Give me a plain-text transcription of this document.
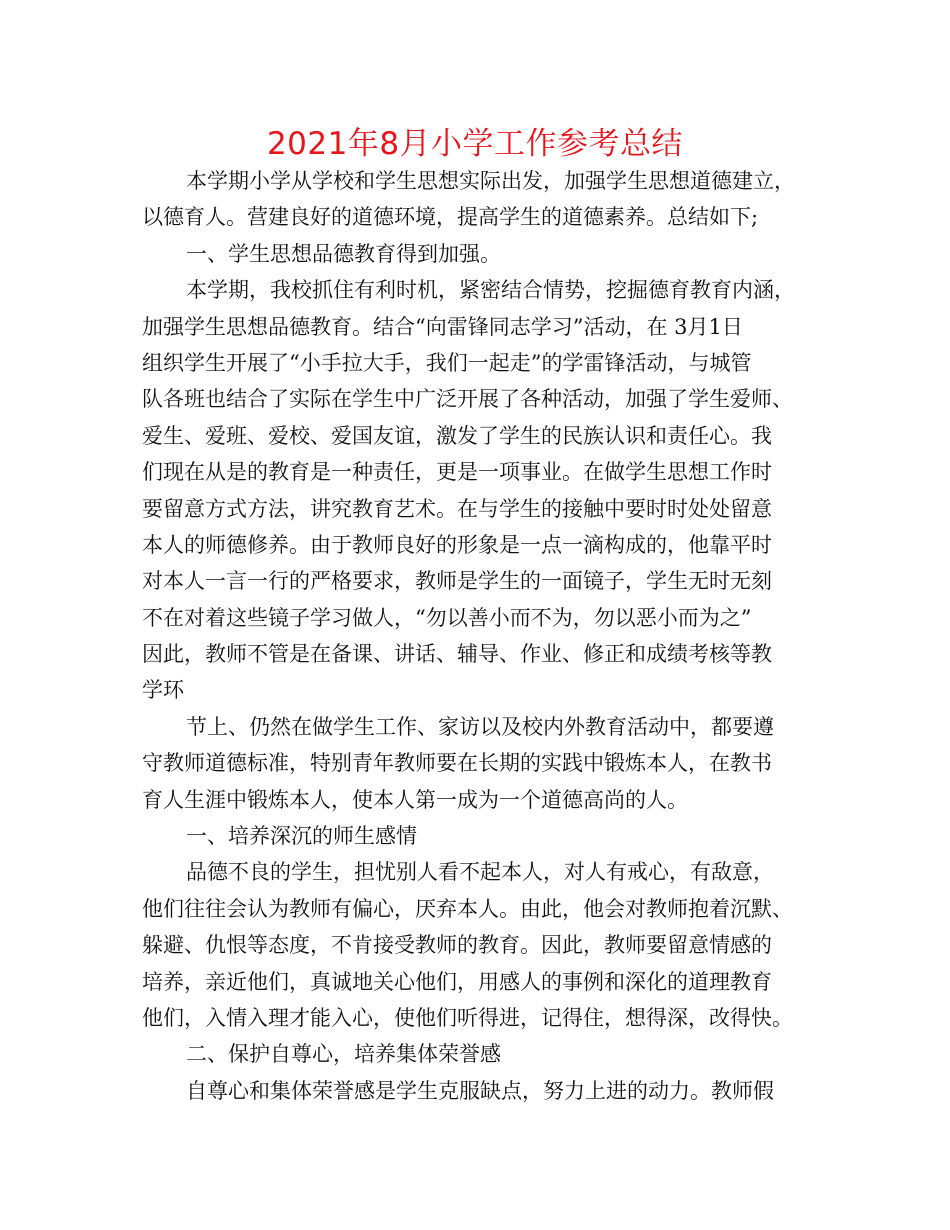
2021年8月小学工作参考总结
本学期小学从学校和学生思想实际出发，加强学生思想道德建立，
以德育人。营建良好的道德环境，提高学生的道德素养。总结如下;
一、学生思想品德教育得到加强。
本学期，我校抓住有利时机，紧密结合情势，挖掘德育教育内涵，
加强学生思想品德教育。结合“向雷锋同志学习”活动，在 3月1日
组织学生开展了“小手拉大手，我们一起走”的学雷锋活动，与城管
队各班也结合了实际在学生中广泛开展了各种活动，加强了学生爱师、
爱生、爱班、爱校、爱国友谊，激发了学生的民族认识和责任心。我
们现在从是的教育是一种责任，更是一项事业。在做学生思想工作时
要留意方式方法，讲究教育艺术。在与学生的接触中要时时处处留意
本人的师德修养。由于教师良好的形象是一点一滴构成的，他靠平时
对本人一言一行的严格要求，教师是学生的一面镜子，学生无时无刻
不在对着这些镜子学习做人，“勿以善小而不为，勿以恶小而为之”
因此，教师不管是在备课、讲话、辅导、作业、修正和成绩考核等教
学环
节上、仍然在做学生工作、家访以及校内外教育活动中，都要遵
守教师道德标准，特别青年教师要在长期的实践中锻炼本人，在教书
育人生涯中锻炼本人，使本人第一成为一个道德高尚的人。
一、培养深沉的师生感情
品德不良的学生，担忧别人看不起本人，对人有戒心，有敌意，
他们往往会认为教师有偏心，厌弃本人。由此，他会对教师抱着沉默、
躲避、仇恨等态度，不肯接受教师的教育。因此，教师要留意情感的
培养，亲近他们，真诚地关心他们，用感人的事例和深化的道理教育
他们，入情入理才能入心，使他们听得进，记得住，想得深，改得快。
二、保护自尊心，培养集体荣誉感
自尊心和集体荣誉感是学生克服缺点，努力上进的动力。教师假
